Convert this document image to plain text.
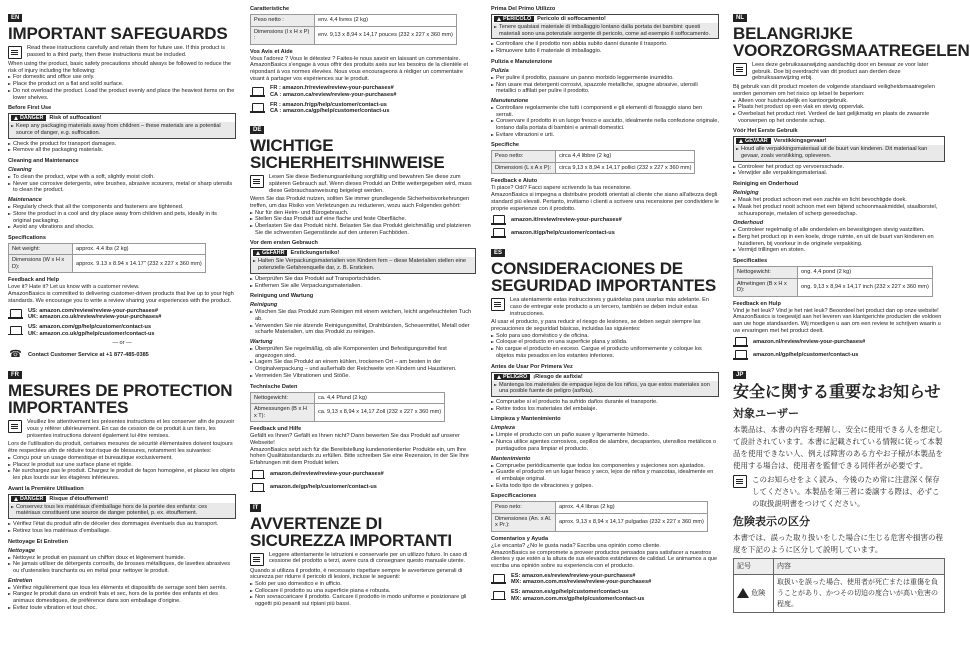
EN
IMPORTANT SAFEGUARDS
Read these instructions carefully and retain them for future use. If this product is passed to a third party, then these instructions must be included.

When using the product, basic safety precautions should always be followed to reduce the risk of injury including the following:

For domestic and office use only.
Place the product on a flat and solid surface.
Do not overload the product. Load the product evenly and place the heaviest items on the lower shelves.
Before First Use
DANGER Risk of suffocation!
Keep any packaging materials away from children – these materials are a potential source of danger, e.g. suffocation.
Check the product for transport damages.
Remove all the packaging materials.
Cleaning and Maintenance
Cleaning
To clean the product, wipe with a soft, slightly moist cloth.
Never use corrosive detergents, wire brushes, abrasive scourers, metal or sharp utensils to clean the product.
Maintenance
Regularly check that all the components and fasteners are tightened.
Store the product in a cool and dry place away from children and pets, ideally in its original packaging.
Avoid any vibrations and shocks.
Specifications
Net weight:	approx. 4.4 lbs (2 kg)
Dimensions (W x H x D):	approx. 9.13 x 8.94 x 14.17" (232 x 227 x 360 mm)
Feedback and Help

Love it? Hate it? Let us know with a customer review.

AmazonBasics is committed to delivering customer-driven products that live up to your high standards. We encourage you to write a review sharing your experiences with the product.

US: amazon.com/review/review-your-purchases#
UK: amazon.co.uk/review/review-your-purchases#
US: amazon.com/gp/help/customer/contact-us
UK: amazon.co.uk/gp/help/customer/contact-us
— or —
☎ Contact Customer Service at +1 877-485-0385
FR
MESURES DE PROTECTION IMPORTANTES
Veuillez lire attentivement les présentes instructions et les conserver afin de pouvoir vous y référer ultérieurement. En cas de cession de ce produit à un tiers, les présentes instructions doivent également lui être remises.

Lors de l'utilisation du produit, certaines mesures de sécurité élémentaires doivent toujours être respectées afin de réduire tout risque de blessures, notamment les suivantes:

Conçu pour un usage domestique et bureautique exclusivement.
Placez le produit sur une surface plane et rigide.
Ne surchargez pas le produit. Chargez le produit de façon homogène, et placez les objets les plus lourds sur les étagères inférieures.
Avant la Première Utilisation
DANGER Risque d'étouffement!
Conservez tous les matériaux d'emballage hors de la portée des enfants: ces matériaux constituent une source de danger potentiel, p. ex. étouffement.
Vérifiez l'état du produit afin de déceler des dommages éventuels dus au transport.
Retirez tous les matériaux d'emballage.
Nettoyage Et Entretien
Nettoyage
Nettoyez le produit en passant un chiffon doux et légèrement humide.
Ne jamais utiliser de détergents corrosifs, de brosses métalliques, de lavettes abrasives ou d'ustensiles tranchants ou en métal pour nettoyer le produit.
Entretien
Vérifiez régulièrement que tous les éléments et dispositifs de serrage sont bien serrés.
Rangez le produit dans un endroit frais et sec, hors de la portée des enfants et des animaux domestiques, de préférence dans son emballage d'origine.
Évitez toute vibration et tout choc.
Caratteristiche
Peso netto :	env. 4,4 livres (2 kg)
Dimensions (l x H x P) :	env. 9,13 x 8,94 x 14,17 pouces (232 x 227 x 360 mm)
Vos Avis et Aide

Vous l'adorez ? Vous le détestez ? Faites-le nous savoir en laissant un commentaire.

AmazonBasics s'engage à vous offrir des produits axés sur les besoins de la clientèle et répondant à vos normes élevées. Nous vous encourageons à rédiger un commentaire visant à partager vos expériences sur le produit.

FR : amazon.fr/review/review-your-purchases#
CA : amazon.ca/review/review-your-purchases#
FR : amazon.fr/gp/help/customer/contact-us
CA : amazon.ca/gp/help/customer/contact-us
DE
WICHTIGE SICHERHEITSHINWEISE
Lesen Sie diese Bedienungsanleitung sorgfältig und bewahren Sie diese zum späteren Gebrauch auf. Wenn dieses Produkt an Dritte weitergegeben wird, muss diese Gebrauchsanweisung beigelegt werden.

Wenn Sie das Produkt nutzen, sollten Sie immer grundlegende Sicherheitsvorkehrungen treffen, um das Risiko von Verletzungen zu reduzieren, wozu auch Folgendes gehört:

Nur für den Heim- und Bürogebrauch.
Stellen Sie das Produkt auf eine flache und feste Oberfläche.
Überlasten Sie das Produkt nicht. Belasten Sie das Produkt gleichmäßig und platzieren Sie die schwersten Gegenstände auf den unteren Fachböden.
Vor dem ersten Gebrauch
GEFAHR Erstickungsrisiko!
Halten Sie Verpackungsmaterialien von Kindern fern – diese Materialien stellen eine potenzielle Gefahrenquelle dar, z. B. Ersticken.
Überprüfen Sie das Produkt auf Transportschäden.
Entfernen Sie alle Verpackungsmaterialien.
Reinigung und Wartung
Reinigung
Wischen Sie das Produkt zum Reinigen mit einem weichen, leicht angefeuchteten Tuch ab.
Verwenden Sie nie ätzende Reinigungsmittel, Drahtbürsten, Scheuermittel, Metall oder scharfe Materialien, um das Produkt zu reinigen.
Wartung
Überprüfen Sie regelmäßig, ob alle Komponenten und Befestigungsmittel fest angezogen sind.
Lagern Sie das Produkt an einem kühlen, trockenen Ort – am besten in der Originalverpackung – und außerhalb der Reichweite von Kindern und Haustieren.
Vermeiden Sie Vibrationen und Stöße.
Technische Daten
Nettogewicht:	ca. 4,4 Pfund (2 kg)
Abmessungen (B x H x T):	ca. 9,13 x 8,94 x 14,17 Zoll (232 x 227 x 360 mm)
Feedback und Hilfe

Gefällt es Ihnen? Gefällt es Ihnen nicht? Dann bewerten Sie das Produkt auf unserer Webseite!

AmazonBasics setzt sich für die Bereitstellung kundenorientierter Produkte ein, um Ihre hohen Qualitätsstandards zu erfüllen. Bitte schreiben Sie eine Rezension, in der Sie Ihre Erfahrungen mit dem Produkt teilen.

amazon.de/review/review-your-purchases#
amazon.de/gp/help/customer/contact-us
IT
AVVERTENZE DI SICUREZZA IMPORTANTI
Leggere attentamente le istruzioni e conservarle per un utilizzo futuro. In caso di cessione del prodotto a terzi, avere cura di consegnare questo manuale utente.

Quando si utilizza il prodotto, è necessario rispettare sempre le avvertenze generali di sicurezza per ridurre il pericolo di lesioni, incluse le seguenti:

Solo per uso domestico e in ufficio.
Collocare il prodotto su una superficie piana e robusta.
Non sovraccaricare il prodotto. Caricare il prodotto in modo uniforme e posizionare gli oggetti più pesanti sui ripiani più bassi.
Prima Del Primo Utilizzo
PERICOLO Pericolo di soffocamento!
Tenere qualsiasi materiale di imballaggio lontano dalla portata dei bambini: questi materiali sono una potenziale sorgente di pericolo, come ad esempio il soffocamento.
Controllare che il prodotto non abbia subito danni durante il trasporto.
Rimuovere tutto il materiale di imballaggio.
Pulizia e Manutenzione
Pulizia
Per pulire il prodotto, passare un panno morbido leggermente inumidito.
Non usare mai detergenti corrosivi, spazzole metalliche, spugne abrasive, utensili metallici o affilati per pulire il prodotto.
Manutenzione
Controllare regolarmente che tutti i componenti e gli elementi di fissaggio siano ben serrati.
Conservare il prodotto in un luogo fresco e asciutto, idealmente nella confezione originale, lontano dalla portata di bambini e animali domestici.
Evitare vibrazioni e urti.
Specifiche
Peso netto:	circa 4,4 libbre (2 kg)
Dimensioni (L x A x P):	circa 9,13 x 8,94 x 14,17 pollici (232 x 227 x 360 mm)
Feedback e Aiuto

Ti piace? Odi? Facci sapere scrivendo la tua recensione.

AmazonBasics si impegna a distribuire prodotti orientati al cliente che siano all'altezza degli standard più elevati. Pertanto, invitiamo i clienti a scrivere una recensione per condividere le proprie esperienze con il prodotto.

amazon.it/review/review-your-purchases#
amazon.it/gp/help/customer/contact-us
ES
CONSIDERACIONES DE SEGURIDAD IMPORTANTES
Lea atentamente estas instrucciones y guárdelas para usarlas más adelante. En caso de entregar este producto a un tercero, también se deben incluir estas instrucciones.

Al usar el producto, y para reducir el riesgo de lesiones, se deben seguir siempre las precauciones de seguridad básicas, incluidas las siguientes:

Solo para uso doméstico y de oficina.
Coloque el producto en una superficie plana y sólida.
No cargue el producto en exceso. Cargue el producto uniformemente y coloque los objetos más pesados en los estantes inferiores.
Antes de Usar Por Primera Vez
PELIGRO ¡Riesgo de asfixia!
Mantenga los materiales de empaque lejos de los niños, ya que estos materiales son una posible fuente de peligro (asfixia).
Compruebe si el producto ha sufrido daños durante el transporte.
Retire todos los materiales del embalaje.
Limpieza y Mantenimiento
Limpieza
Limpie el producto con un paño suave y ligeramente húmedo.
Nunca utilice agentes corrosivos, cepillos de alambre, decapantes, utensilios metálicos o puntiagudos para limpiar el producto.
Mantenimiento
Compruebe periódicamente que todos los componentes y sujeciones son ajustados.
Guarde el producto en un lugar fresco y seco, lejos de niños y mascotas, idealmente en el embalaje original.
Evita todo tipo de vibraciones y golpes.
Especificaciones
Peso neto:	aprox. 4,4 libras (2 kg)
Dimensiones (An. x Al. x Pr.):	aprox. 9,13 x 8,94 x 14,17 pulgadas (232 x 227 x 360 mm)
Comentarios y Ayuda

¿Le encanta? ¿No le gusta nada? Escriba una opinión como cliente.

AmazonBasics se compromete a proveer productos pensados para satisfacer a nuestros clientes y que estén a la altura de sus elevados estándares de calidad. Le animamos a que escriba una opinión sobre su experiencia con el producto.

ES: amazon.es/review/review-your-purchases#
MX: amazon.com.mx/review/review-your-purchases#
ES: amazon.es/gp/help/customer/contact-us
MX: amazon.com.mx/gp/help/customer/contact-us
NL
BELANGRIJKE VOORZORGSMAATREGELEN
Lees deze gebruiksaanwijzing aandachtig door en bewaar ze voor later gebruik. Doe bij overdracht van dit product aan derden deze gebruiksaanwijzing erbij.

Bij gebruik van dit product moeten de volgende standaard veiligheidsmaatregelen worden genomen om het risico op letsel te beperken:

Alleen voor huishoudelijk en kantoorgebruik.
Plaats het product op een vlak en stevig oppervlak.
Overbelast het product niet. Verdeel de last gelijkmatig en plaats de zwaarste voorwerpen op het onderste schap.
Vóór Het Eerste Gebruik
GEVAAR Verstikkingsgevaar!
Houd alle verpakkingsmateriaal uit de buurt van kinderen. Dit materiaal kan gevaar, zoals verstikking, opleveren.
Controleer het product op vervoersschade.
Verwijder alle verpakkingsmateriaal.
Reiniging en Onderhoud
Reiniging
Maak het product schoon met een zachte en licht bevochtigde doek.
Maak het product nooit schoon met een bijtend schoonmaakmiddel, staalborstel, schuursponsje, metalen of scherp gereedschap.
Onderhoud
Controleer regelmatig of alle onderdelen en bevestigingen stevig vastzitten.
Berg het product op in een koele, droge ruimte, en uit de buurt van kinderen en huisdieren, bij voorkeur in de originele verpakking.
Vermijd trillingen en stoten.
Specificaties
Nettogewicht:	ong. 4,4 pond (2 kg)
Afmetingen (B x H x D):	ong. 9,13 x 8,94 x 14,17 inch (232 x 227 x 360 mm)
Feedback en Hulp

Vind je het leuk? Vind je het niet leuk? Beoordeel het product dan op onze website!

AmazonBasics is toegewijd aan het leveren van klantgerichte producten die voldoen aan uw hoge standaarden. Wij moedigen u aan om een review te schrijven waarin u uw ervaringen met het product deelt.

amazon.nl/review/review-your-purchases#
amazon.nl/gp/help/customer/contact-us
JP
安全に関する重要なお知らせ
対象ユーザー
本製品は、本書の内容を理解し、安全に使用できる人を想定して設計されています。本書に記載されている情報に従って本製品を使用できない人、例えば障害のある方やお子様が本製品を使用する場合は、使用者を監督できる同伴者が必要です。
このお知らせをよく読み、今後のため常に注意深く保存してください。本製品を第三者に委譲する際は、必ずこの取扱説明書をつけてください。
危険表示の区分
本書では、誤った取り扱いをした場合に生じる危害や損害の程度を下記のように区分して説明しています。
記号	内容
危険	取扱いを誤った場合、使用者が死亡または重傷を負うことがあり、かつその切迫の度合いが高い危害の程度。
